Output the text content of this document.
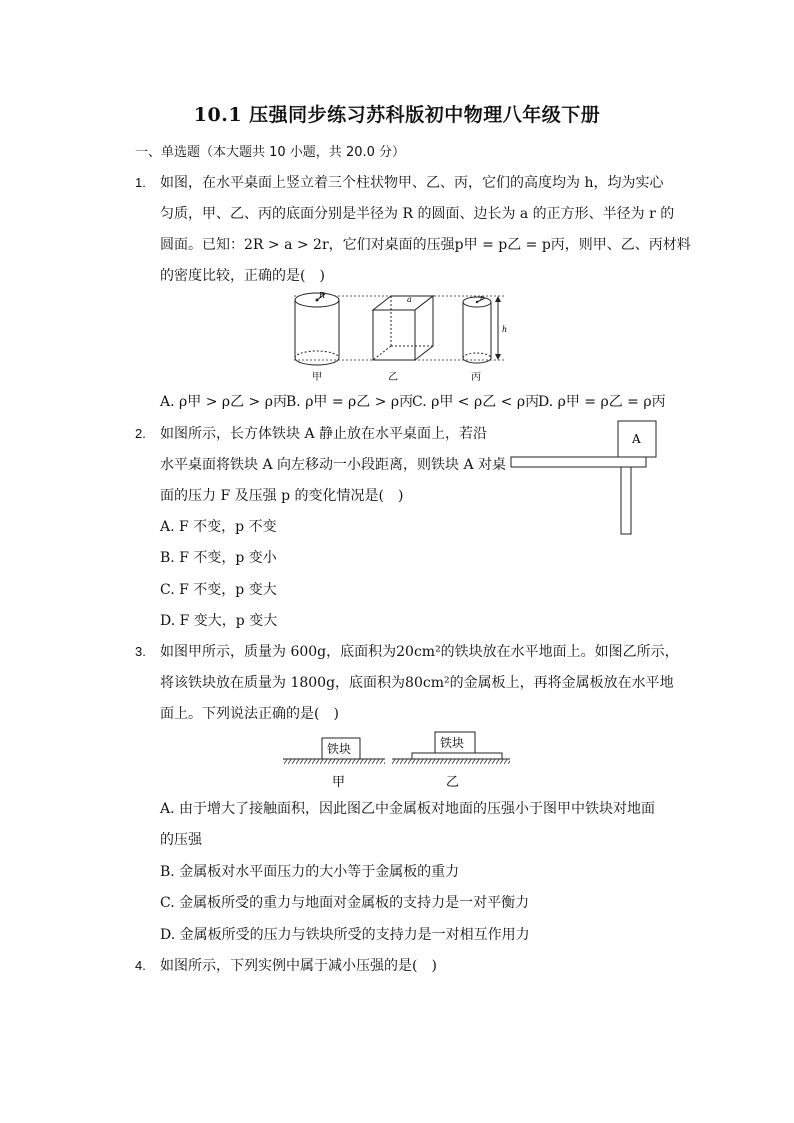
10.1 压强同步练习苏科版初中物理八年级下册
一、单选题（本大题共 10 小题，共 20.0 分）
1. 如图，在水平桌面上竖立着三个柱状物甲、乙、丙，它们的高度均为 h，均为实心
匀质，甲、乙、丙的底面分别是半径为 R 的圆面、边长为 a 的正方形、半径为 r 的
圆面。已知：2R > a > 2r，它们对桌面的压强p甲 = p乙 = p丙，则甲、乙、丙材料
的密度比较，正确的是(　)
R	a	r
h
甲	乙	丙
A. ρ甲 > ρ乙 > ρ丙 B. ρ甲 = ρ乙 > ρ丙
C. ρ甲 < ρ乙 < ρ丙
D. ρ甲 = ρ乙 = ρ丙
2. 如图所示，长方体铁块 A 静止放在水平桌面上，若沿
水平桌面将铁块 A 向左移动一小段距离，则铁块 A 对桌
面的压力 F 及压强 p 的变化情况是(　)
A
A. F 不变，p 不变
B. F 不变，p 变小
C. F 不变，p 变大
D. F 变大，p 变大
3. 如图甲所示，质量为 600g，底面积为20cm²的铁块放在水平地面上。如图乙所示，
将该铁块放在质量为 1800g，底面积为80cm²的金属板上，再将金属板放在水平地
面上。下列说法正确的是(　)
铁块
甲
铁块
乙
A. 由于增大了接触面积，因此图乙中金属板对地面的压强小于图甲中铁块对地面
的压强
B. 金属板对水平面压力的大小等于金属板的重力
C. 金属板所受的重力与地面对金属板的支持力是一对平衡力
D. 金属板所受的压力与铁块所受的支持力是一对相互作用力
4. 如图所示，下列实例中属于减小压强的是(　)
